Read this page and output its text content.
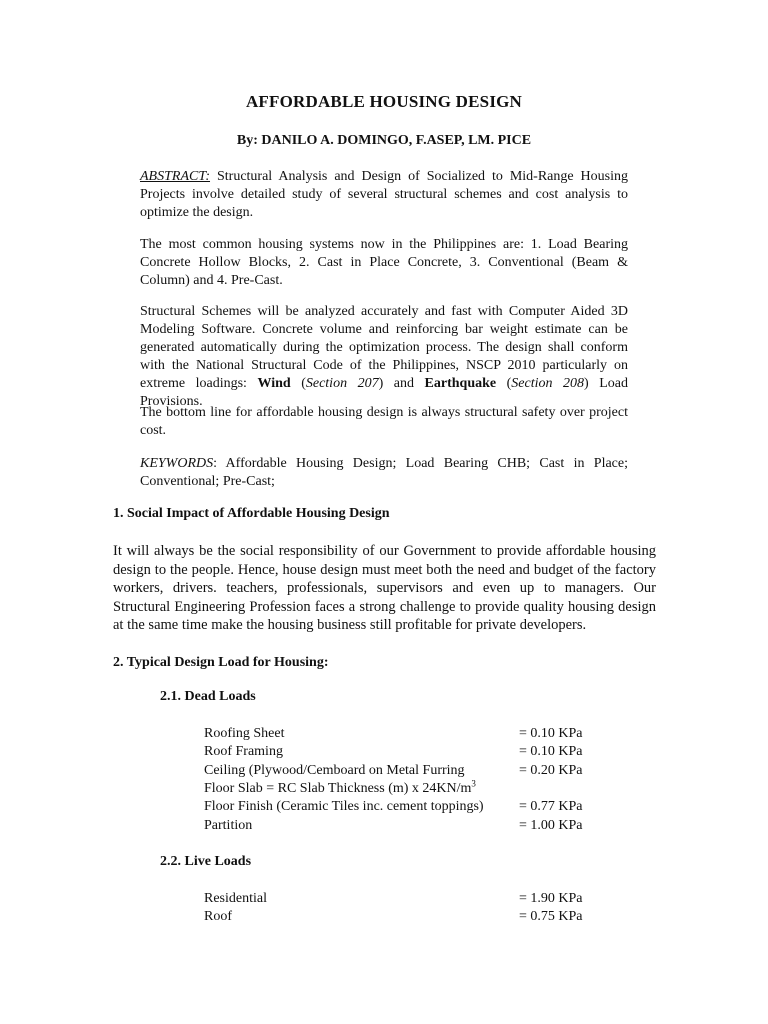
AFFORDABLE HOUSING DESIGN
By: DANILO A. DOMINGO, F.ASEP, LM. PICE

ABSTRACT: Structural Analysis and Design of Socialized to Mid-Range Housing Projects involve detailed study of several structural schemes and cost analysis to optimize the design.

The most common housing systems now in the Philippines are: 1. Load Bearing Concrete Hollow Blocks, 2. Cast in Place Concrete, 3. Conventional (Beam & Column) and 4. Pre-Cast.

Structural Schemes will be analyzed accurately and fast with Computer Aided 3D Modeling Software. Concrete volume and reinforcing bar weight estimate can be generated automatically during the optimization process. The design shall conform with the National Structural Code of the Philippines, NSCP 2010 particularly on extreme loadings: Wind (Section 207) and Earthquake (Section 208) Load Provisions.

The bottom line for affordable housing design is always structural safety over project cost.

KEYWORDS: Affordable Housing Design; Load Bearing CHB; Cast in Place; Conventional; Pre-Cast;

1. Social Impact of Affordable Housing Design

It will always be the social responsibility of our Government to provide affordable housing design to the people. Hence, house design must meet both the need and budget of the factory workers, drivers. teachers, professionals, supervisors and even up to managers. Our Structural Engineering Profession faces a strong challenge to provide quality housing design at the same time make the housing business still profitable for private developers.

2. Typical Design Load for Housing:
2.1. Dead Loads
Roofing Sheet	= 0.10 KPa
Roof Framing	= 0.10 KPa
Ceiling (Plywood/Cemboard on Metal Furring	= 0.20 KPa
Floor Slab = RC Slab Thickness (m) x $24KN/m^3$
Floor Finish (Ceramic Tiles inc. cement toppings)	= 0.77 KPa
Partition	= 1.00 KPa
2.2. Live Loads
Residential	= 1.90 KPa
Roof	= 0.75 KPa
